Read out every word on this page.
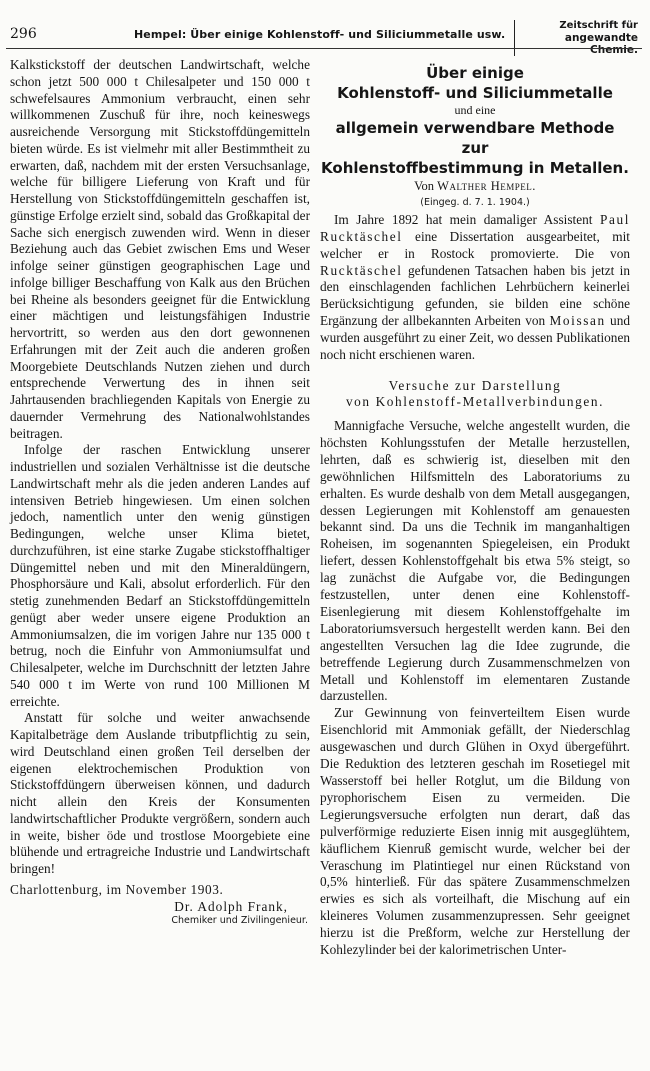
296	Hempel: Über einige Kohlenstoff- und Siliciummetalle usw.
Zeitschrift für
angewandte Chemie.

Kalkstickstoff der deutschen Landwirtschaft, welche schon jetzt 500 000 t Chilesalpeter und 150 000 t schwefelsaures Ammonium verbraucht, einen sehr willkommenen Zuschuß für ihre, noch keineswegs ausreichende Versorgung mit Stickstoffdüngemitteln bieten würde. Es ist vielmehr mit aller Bestimmtheit zu erwarten, daß, nachdem mit der ersten Versuchsanlage, welche für billigere Lieferung von Kraft und für Herstellung von Stickstoffdüngemitteln geschaffen ist, günstige Erfolge erzielt sind, sobald das Großkapital der Sache sich energisch zuwenden wird. Wenn in dieser Beziehung auch das Gebiet zwischen Ems und Weser infolge seiner günstigen geographischen Lage und infolge billiger Beschaffung von Kalk aus den Brüchen bei Rheine als besonders geeignet für die Entwicklung einer mächtigen und leistungsfähigen Industrie hervortritt, so werden aus den dort gewonnenen Erfahrungen mit der Zeit auch die anderen großen Moorgebiete Deutschlands Nutzen ziehen und durch entsprechende Verwertung des in ihnen seit Jahrtausenden brachliegenden Kapitals von Energie zu dauernder Vermehrung des Nationalwohlstandes beitragen.

Infolge der raschen Entwicklung unserer industriellen und sozialen Verhältnisse ist die deutsche Landwirtschaft mehr als die jeden anderen Landes auf intensiven Betrieb hingewiesen. Um einen solchen jedoch, namentlich unter den wenig günstigen Bedingungen, welche unser Klima bietet, durchzuführen, ist eine starke Zugabe stickstoffhaltiger Düngemittel neben und mit den Mineraldüngern, Phosphorsäure und Kali, absolut erforderlich. Für den stetig zunehmenden Bedarf an Stickstoffdüngemitteln genügt aber weder unsere eigene Produktion an Ammoniumsalzen, die im vorigen Jahre nur 135 000 t betrug, noch die Einfuhr von Ammoniumsulfat und Chilesalpeter, welche im Durchschnitt der letzten Jahre 540 000 t im Werte von rund 100 Millionen M erreichte.

Anstatt für solche und weiter anwachsende Kapitalbeträge dem Auslande tributpflichtig zu sein, wird Deutschland einen großen Teil derselben der eigenen elektrochemischen Produktion von Stickstoffdüngern überweisen können, und dadurch nicht allein den Kreis der Konsumenten landwirtschaftlicher Produkte vergrößern, sondern auch in weite, bisher öde und trostlose Moorgebiete eine blühende und ertragreiche Industrie und Landwirtschaft bringen!

Charlottenburg, im November 1903.

Dr. Adolph Frank,

Chemiker und Zivilingenieur.

Über einige

Kohlenstoff- und Siliciummetalle

und eine

allgemein verwendbare Methode zur

Kohlenstoffbestimmung in Metallen.

Von Walther Hempel.

(Eingeg. d. 7. 1. 1904.)

Im Jahre 1892 hat mein damaliger Assistent Paul Rucktäschel eine Dissertation ausgearbeitet, mit welcher er in Rostock promovierte. Die von Rucktäschel gefundenen Tatsachen haben bis jetzt in den einschlagenden fachlichen Lehrbüchern keinerlei Berücksichtigung gefunden, sie bilden eine schöne Ergänzung der allbekannten Arbeiten von Moissan und wurden ausgeführt zu einer Zeit, wo dessen Publikationen noch nicht erschienen waren.

Versuche zur Darstellung
von Kohlenstoff-Metallverbindungen.

Mannigfache Versuche, welche angestellt wurden, die höchsten Kohlungsstufen der Metalle herzustellen, lehrten, daß es schwierig ist, dieselben mit den gewöhnlichen Hilfsmitteln des Laboratoriums zu erhalten. Es wurde deshalb von dem Metall ausgegangen, dessen Legierungen mit Kohlenstoff am genauesten bekannt sind. Da uns die Technik im manganhaltigen Roheisen, im sogenannten Spiegeleisen, ein Produkt liefert, dessen Kohlenstoffgehalt bis etwa 5% steigt, so lag zunächst die Aufgabe vor, die Bedingungen festzustellen, unter denen eine Kohlenstoff-Eisenlegierung mit diesem Kohlenstoffgehalte im Laboratoriumsversuch hergestellt werden kann. Bei den angestellten Versuchen lag die Idee zugrunde, die betreffende Legierung durch Zusammenschmelzen von Metall und Kohlenstoff im elementaren Zustande darzustellen.

Zur Gewinnung von feinverteiltem Eisen wurde Eisenchlorid mit Ammoniak gefällt, der Niederschlag ausgewaschen und durch Glühen in Oxyd übergeführt. Die Reduktion des letzteren geschah im Rosetiegel mit Wasserstoff bei heller Rotglut, um die Bildung von pyrophorischem Eisen zu vermeiden. Die Legierungsversuche erfolgten nun derart, daß das pulverförmige reduzierte Eisen innig mit ausgeglühtem, käuflichem Kienruß gemischt wurde, welcher bei der Veraschung im Platintiegel nur einen Rückstand von 0,5% hinterließ. Für das spätere Zusammenschmelzen erwies es sich als vorteilhaft, die Mischung auf ein kleineres Volumen zusammenzupressen. Sehr geeignet hierzu ist die Preßform, welche zur Herstellung der Kohlezylinder bei der kalorimetrischen Unter-
